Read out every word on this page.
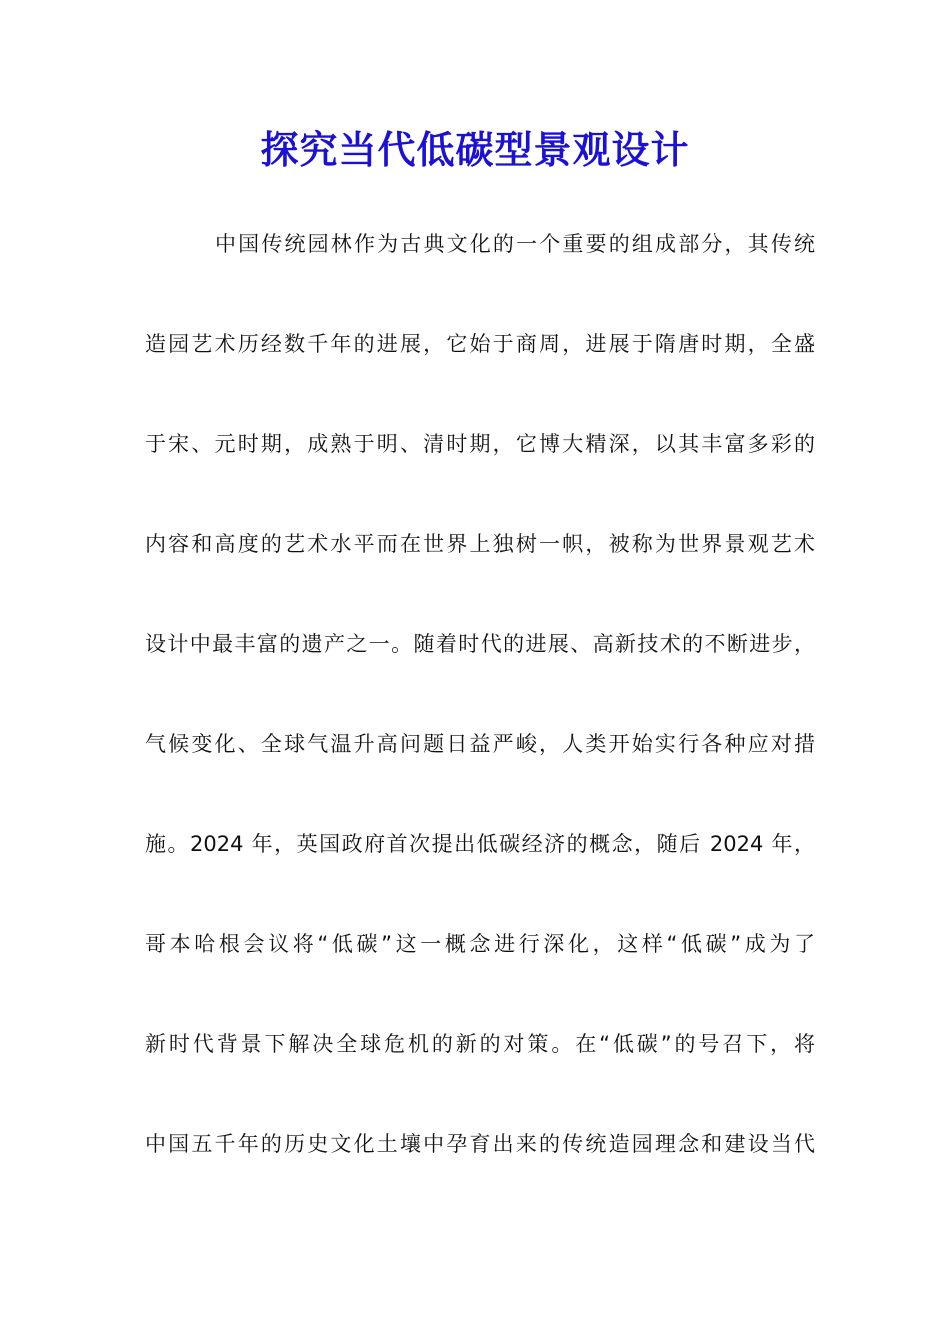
探究当代低碳型景观设计
中国传统园林作为古典文化的一个重要的组成部分，其传统
造园艺术历经数千年的进展，它始于商周，进展于隋唐时期，全盛
于宋、元时期，成熟于明、清时期，它博大精深，以其丰富多彩的
内容和高度的艺术水平而在世界上独树一帜，被称为世界景观艺术
设计中最丰富的遗产之一。随着时代的进展、高新技术的不断进步，
气候变化、全球气温升高问题日益严峻，人类开始实行各种应对措
施。2024 年，英国政府首次提出低碳经济的概念，随后 2024 年，
哥本哈根会议将“低碳”这一概念进行深化，这样“低碳”成为了
新时代背景下解决全球危机的新的对策。在“低碳”的号召下，将
中国五千年的历史文化土壤中孕育出来的传统造园理念和建设当代
